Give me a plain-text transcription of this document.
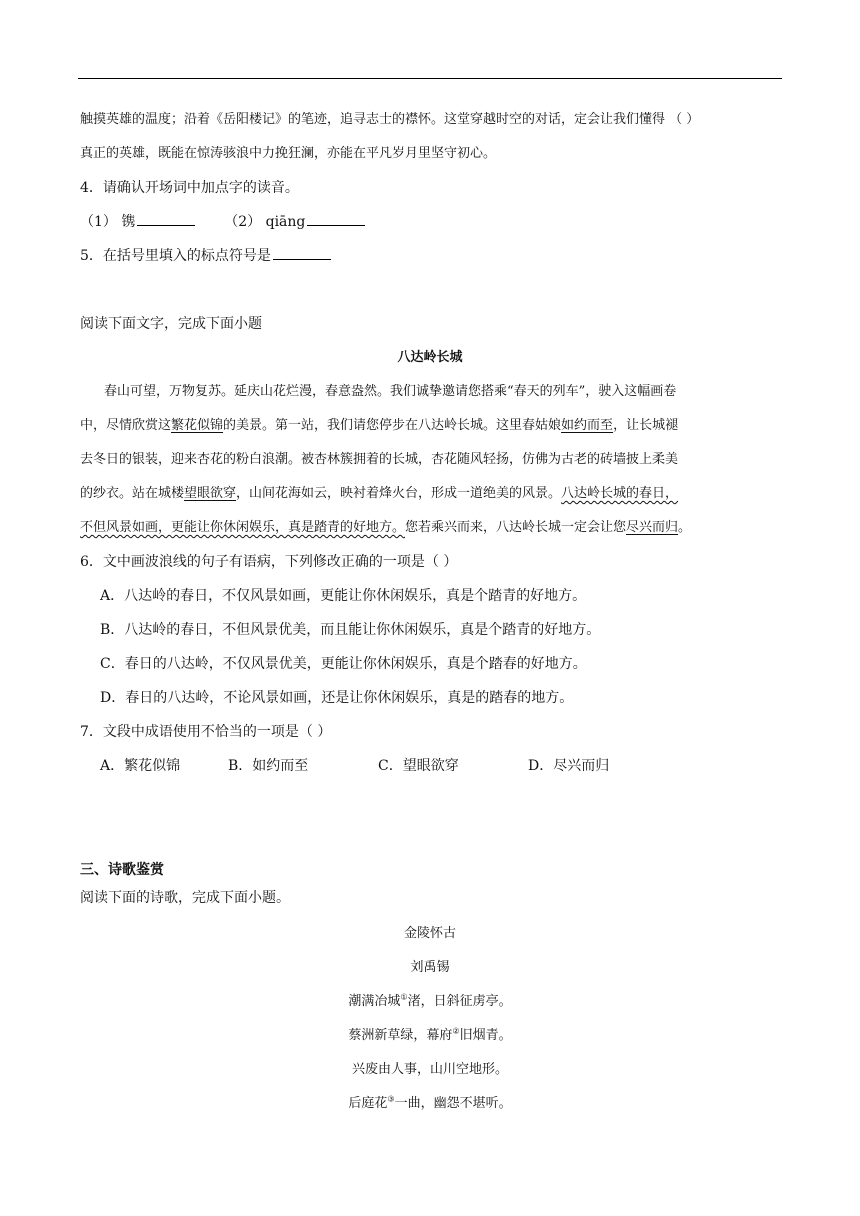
触摸英雄的温度；沿着《岳阳楼记》的笔迹，追寻志士的襟怀。这堂穿越时空的对话，定会让我们懂得 （ ）
真正的英雄，既能在惊涛骇浪中力挽狂澜，亦能在平凡岁月里坚守初心。
4．请确认开场词中加点字的读音。
（1） 镌	（2） qiāng
5．在括号里填入的标点符号是
阅读下面文字，完成下面小题
八达岭长城
春山可望，万物复苏。延庆山花烂漫，春意盎然。我们诚挚邀请您搭乘“春天的列车”，驶入这幅画卷
中，尽情欣赏这繁花似锦的美景。第一站，我们请您停步在八达岭长城。这里春姑娘如约而至，让长城褪
去冬日的银装，迎来杏花的粉白浪潮。被杏林簇拥着的长城，杏花随风轻扬，仿佛为古老的砖墙披上柔美
的纱衣。站在城楼望眼欲穿，山间花海如云，映衬着烽火台，形成一道绝美的风景。八达岭长城的春日，
不但风景如画，更能让你休闲娱乐，真是踏青的好地方。您若乘兴而来，八达岭长城一定会让您尽兴而归。
6．文中画波浪线的句子有语病，下列修改正确的一项是（ ）
A．八达岭的春日，不仅风景如画，更能让你休闲娱乐，真是个踏青的好地方。
B．八达岭的春日，不但风景优美，而且能让你休闲娱乐，真是个踏青的好地方。
C．春日的八达岭，不仅风景优美，更能让你休闲娱乐，真是个踏春的好地方。
D．春日的八达岭，不论风景如画，还是让你休闲娱乐，真是的踏春的地方。
7．文段中成语使用不恰当的一项是（ ）
A．繁花似锦	B．如约而至	C．望眼欲穿	D．尽兴而归
三、诗歌鉴赏
阅读下面的诗歌，完成下面小题。
金陵怀古
刘禹锡
潮满冶城①渚，日斜征虏亭。
蔡洲新草绿，幕府②旧烟青。
兴废由人事，山川空地形。
后庭花③一曲，幽怨不堪听。
